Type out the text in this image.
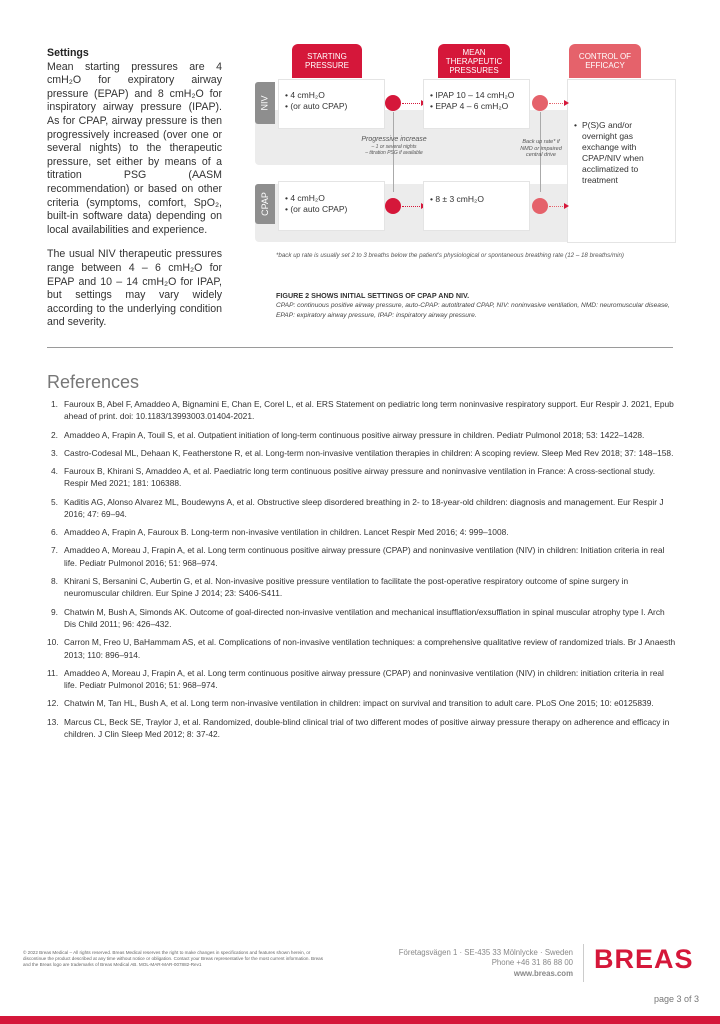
Settings

Mean starting pressures are 4 cmH₂O for expiratory airway pressure (EPAP) and 8 cmH₂O for inspiratory airway pressure (IPAP). As for CPAP, airway pressure is then progressively increased (over one or several nights) to the therapeutic pressure, set either by means of a titration PSG (AASM recommendation) or based on other criteria (symptoms, comfort, SpO₂, built-in software data) depending on local availabilities and experience.

The usual NIV therapeutic pressures range between 4 – 6 cmH₂O for EPAP and 10 – 14 cmH₂O for IPAP, but settings may vary widely according to the underlying condition and severity.

STARTING PRESSURE
MEAN THERAPEUTIC PRESSURES
CONTROL OF EFFICACY
• P(S)G and/or overnight gas exchange with CPAP/NIV when acclimatized to treatment
NIV
• 4 cmH₂O
• (or auto CPAP)
• IPAP 10 – 14 cmH₂O
• EPAP 4 – 6 cmH₂O
Progressive increase
– 1 or several nights
– titration PSG if available
Back up rate* if NMD or impaired central drive
CPAP
•	4 cmH₂O
• (or auto CPAP)
• 8 ± 3 cmH₂O
*back up rate is usually set 2 to 3 breaths below the patient’s physiological or spontaneous breathing rate (12 – 18 breaths/min)
FIGURE 2 SHOWS INITIAL SETTINGS OF CPAP AND NIV.
CPAP: continuous positive airway pressure, auto-CPAP: autotitrated CPAP, NIV: noninvasive ventilation, NMD: neuromuscular disease, EPAP: expiratory airway pressure, IPAP: inspiratory airway pressure.
References
1. Fauroux B, Abel F, Amaddeo A, Bignamini E, Chan E, Corel L, et al. ERS Statement on pediatric long term noninvasive respiratory support. Eur Respir J. 2021, Epub ahead of print. doi: 10.1183/13993003.01404-2021.
2. Amaddeo A, Frapin A, Touil S, et al. Outpatient initiation of long-term continuous positive airway pressure in children. Pediatr Pulmonol 2018; 53: 1422–1428.
3. Castro-Codesal ML, Dehaan K, Featherstone R, et al. Long-term non-invasive ventilation therapies in children: A scoping review. Sleep Med Rev 2018; 37: 148–158.
4. Fauroux B, Khirani S, Amaddeo A, et al. Paediatric long term continuous positive airway pressure and noninvasive ventilation in France: A cross-sectional study. Respir Med 2021; 181: 106388.
5. Kaditis AG, Alonso Alvarez ML, Boudewyns A, et al. Obstructive sleep disordered breathing in 2- to 18-year-old children: diagnosis and management. Eur Respir J 2016; 47: 69–94.
6. Amaddeo A, Frapin A, Fauroux B. Long-term non-invasive ventilation in children. Lancet Respir Med 2016; 4: 999–1008.
7. Amaddeo A, Moreau J, Frapin A, et al. Long term continuous positive airway pressure (CPAP) and noninvasive ventilation (NIV) in children: Initiation criteria in real life. Pediatr Pulmonol 2016; 51: 968–974.
8. Khirani S, Bersanini C, Aubertin G, et al. Non-invasive positive pressure ventilation to facilitate the post-operative respiratory outcome of spine surgery in neuromuscular children. Eur Spine J 2014; 23: S406-S411.
9. Chatwin M, Bush A, Simonds AK. Outcome of goal-directed non-invasive ventilation and mechanical insufflation/exsufflation in spinal muscular atrophy type I. Arch Dis Child 2011; 96: 426–432.
10. Carron M, Freo U, BaHammam AS, et al. Complications of non-invasive ventilation techniques: a comprehensive qualitative review of randomized trials. Br J Anaesth 2013; 110: 896–914.
11. Amaddeo A, Moreau J, Frapin A, et al. Long term continuous positive airway pressure (CPAP) and noninvasive ventilation (NIV) in children: initiation criteria in real life. Pediatr Pulmonol 2016; 51: 968–974.
12. Chatwin M, Tan HL, Bush A, et al. Long term non-invasive ventilation in children: impact on survival and transition to adult care. PLoS One 2015; 10: e0125839.
13. Marcus CL, Beck SE, Traylor J, et al. Randomized, double-blind clinical trial of two different modes of positive airway pressure therapy on adherence and efficacy in children. J Clin Sleep Med 2012; 8: 37-42.
© 2022 Breas Medical – All rights reserved. Breas Medical reserves the right to make changes in specifications and features shown herein, or discontinue the product described at any time without notice or obligation. Contact your Breas representative for the most current information. Breas and the Breas logo are trademarks of Breas Medical AB. MOL-MAR-MAR-007882-Rev1
Företagsvägen 1 · SE-435 33 Mölnlycke · Sweden
Phone +46 31 86 88 00
www.breas.com BREAS
page 3 of 3
